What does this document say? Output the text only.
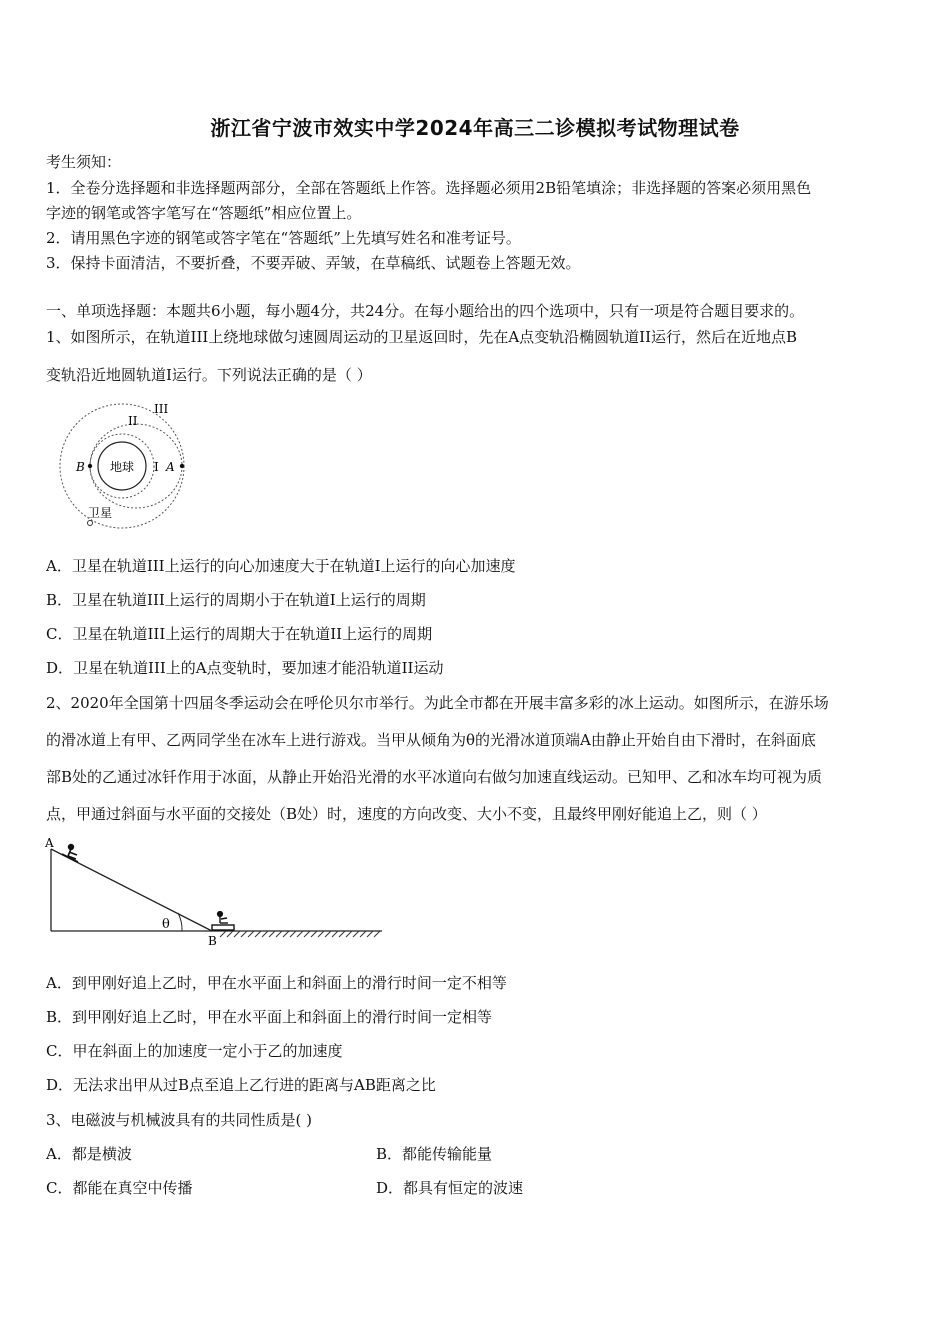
浙江省宁波市效实中学2024年高三二诊模拟考试物理试卷
考生须知：
1．全卷分选择题和非选择题两部分，全部在答题纸上作答。选择题必须用2B铅笔填涂；非选择题的答案必须用黑色
字迹的钢笔或答字笔写在“答题纸”相应位置上。
2．请用黑色字迹的钢笔或答字笔在“答题纸”上先填写姓名和准考证号。
3．保持卡面清洁，不要折叠，不要弄破、弄皱，在草稿纸、试题卷上答题无效。
一、单项选择题：本题共6小题，每小题4分，共24分。在每小题给出的四个选项中，只有一项是符合题目要求的。
1、如图所示，在轨道III上绕地球做匀速圆周运动的卫星返回时，先在A点变轨沿椭圆轨道II运行，然后在近地点B
变轨沿近地圆轨道I运行。下列说法正确的是（ ）
地球
B	A
I
II
III
卫星
A．卫星在轨道III上运行的向心加速度大于在轨道I上运行的向心加速度
B．卫星在轨道III上运行的周期小于在轨道I上运行的周期
C．卫星在轨道III上运行的周期大于在轨道II上运行的周期
D．卫星在轨道III上的A点变轨时，要加速才能沿轨道II运动
2、2020年全国第十四届冬季运动会在呼伦贝尔市举行。为此全市都在开展丰富多彩的冰上运动。如图所示，在游乐场
的滑冰道上有甲、乙两同学坐在冰车上进行游戏。当甲从倾角为θ的光滑冰道顶端A由静止开始自由下滑时，在斜面底
部B处的乙通过冰钎作用于冰面，从静止开始沿光滑的水平冰道向右做匀加速直线运动。已知甲、乙和冰车均可视为质
点，甲通过斜面与水平面的交接处（B处）时，速度的方向改变、大小不变，且最终甲刚好能追上乙，则（ ）
θ
A
B
A．到甲刚好追上乙时，甲在水平面上和斜面上的滑行时间一定不相等
B．到甲刚好追上乙时，甲在水平面上和斜面上的滑行时间一定相等
C．甲在斜面上的加速度一定小于乙的加速度
D．无法求出甲从过B点至追上乙行进的距离与AB距离之比
3、电磁波与机械波具有的共同性质是( )
A．都是横波	B．都能传输能量
C．都能在真空中传播	D．都具有恒定的波速
